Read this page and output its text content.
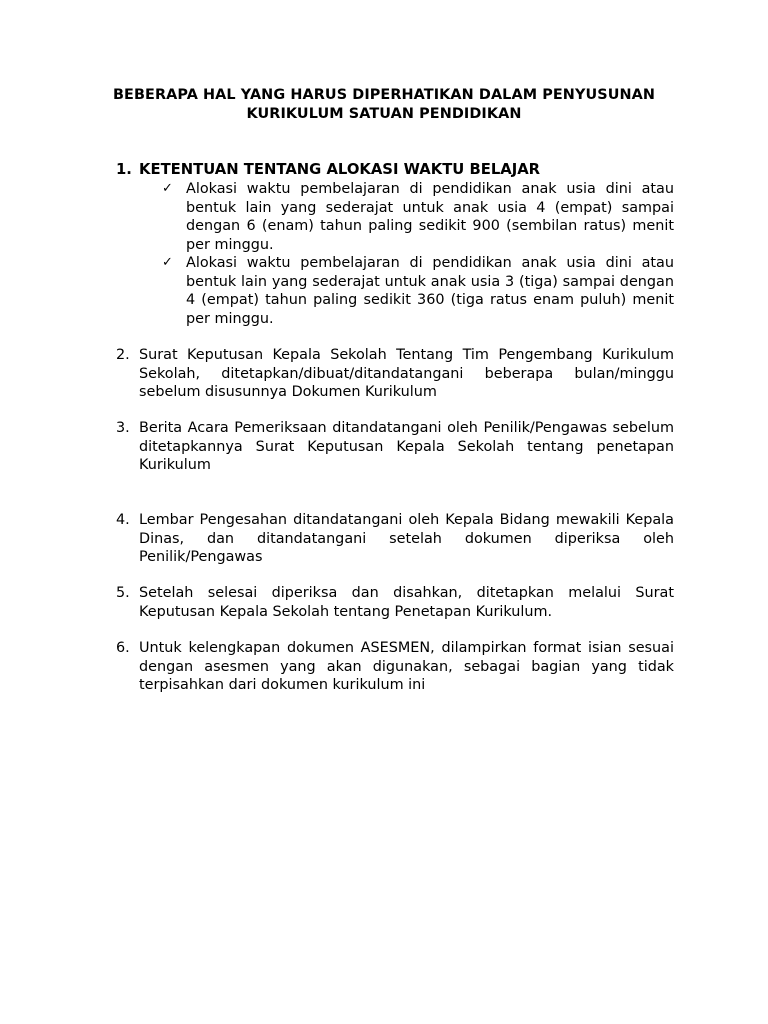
BEBERAPA HAL YANG HARUS DIPERHATIKAN DALAM PENYUSUNAN
KURIKULUM SATUAN PENDIDIKAN
1. KETENTUAN TENTANG ALOKASI WAKTU BELAJAR
✓ Alokasi waktu pembelajaran di pendidikan anak usia dini atau bentuk lain yang sederajat untuk anak usia 4 (empat) sampai dengan 6 (enam) tahun paling sedikit 900 (sembilan ratus) menit per minggu.
✓ Alokasi waktu pembelajaran di pendidikan anak usia dini atau bentuk lain yang sederajat untuk anak usia 3 (tiga) sampai dengan 4 (empat) tahun paling sedikit 360 (tiga ratus enam puluh) menit per minggu.
2. Surat Keputusan Kepala Sekolah Tentang Tim Pengembang Kurikulum Sekolah, ditetapkan/dibuat/ditandatangani beberapa bulan/minggu sebelum disusunnya Dokumen Kurikulum
3. Berita Acara Pemeriksaan ditandatangani oleh Penilik/Pengawas sebelum ditetapkannya Surat Keputusan Kepala Sekolah tentang penetapan Kurikulum
4. Lembar Pengesahan ditandatangani oleh Kepala Bidang mewakili Kepala Dinas, dan ditandatangani setelah dokumen diperiksa oleh Penilik/Pengawas
5. Setelah selesai diperiksa dan disahkan, ditetapkan melalui Surat Keputusan Kepala Sekolah tentang Penetapan Kurikulum.
6. Untuk kelengkapan dokumen ASESMEN, dilampirkan format isian sesuai dengan asesmen yang akan digunakan, sebagai bagian yang tidak terpisahkan dari dokumen kurikulum ini
